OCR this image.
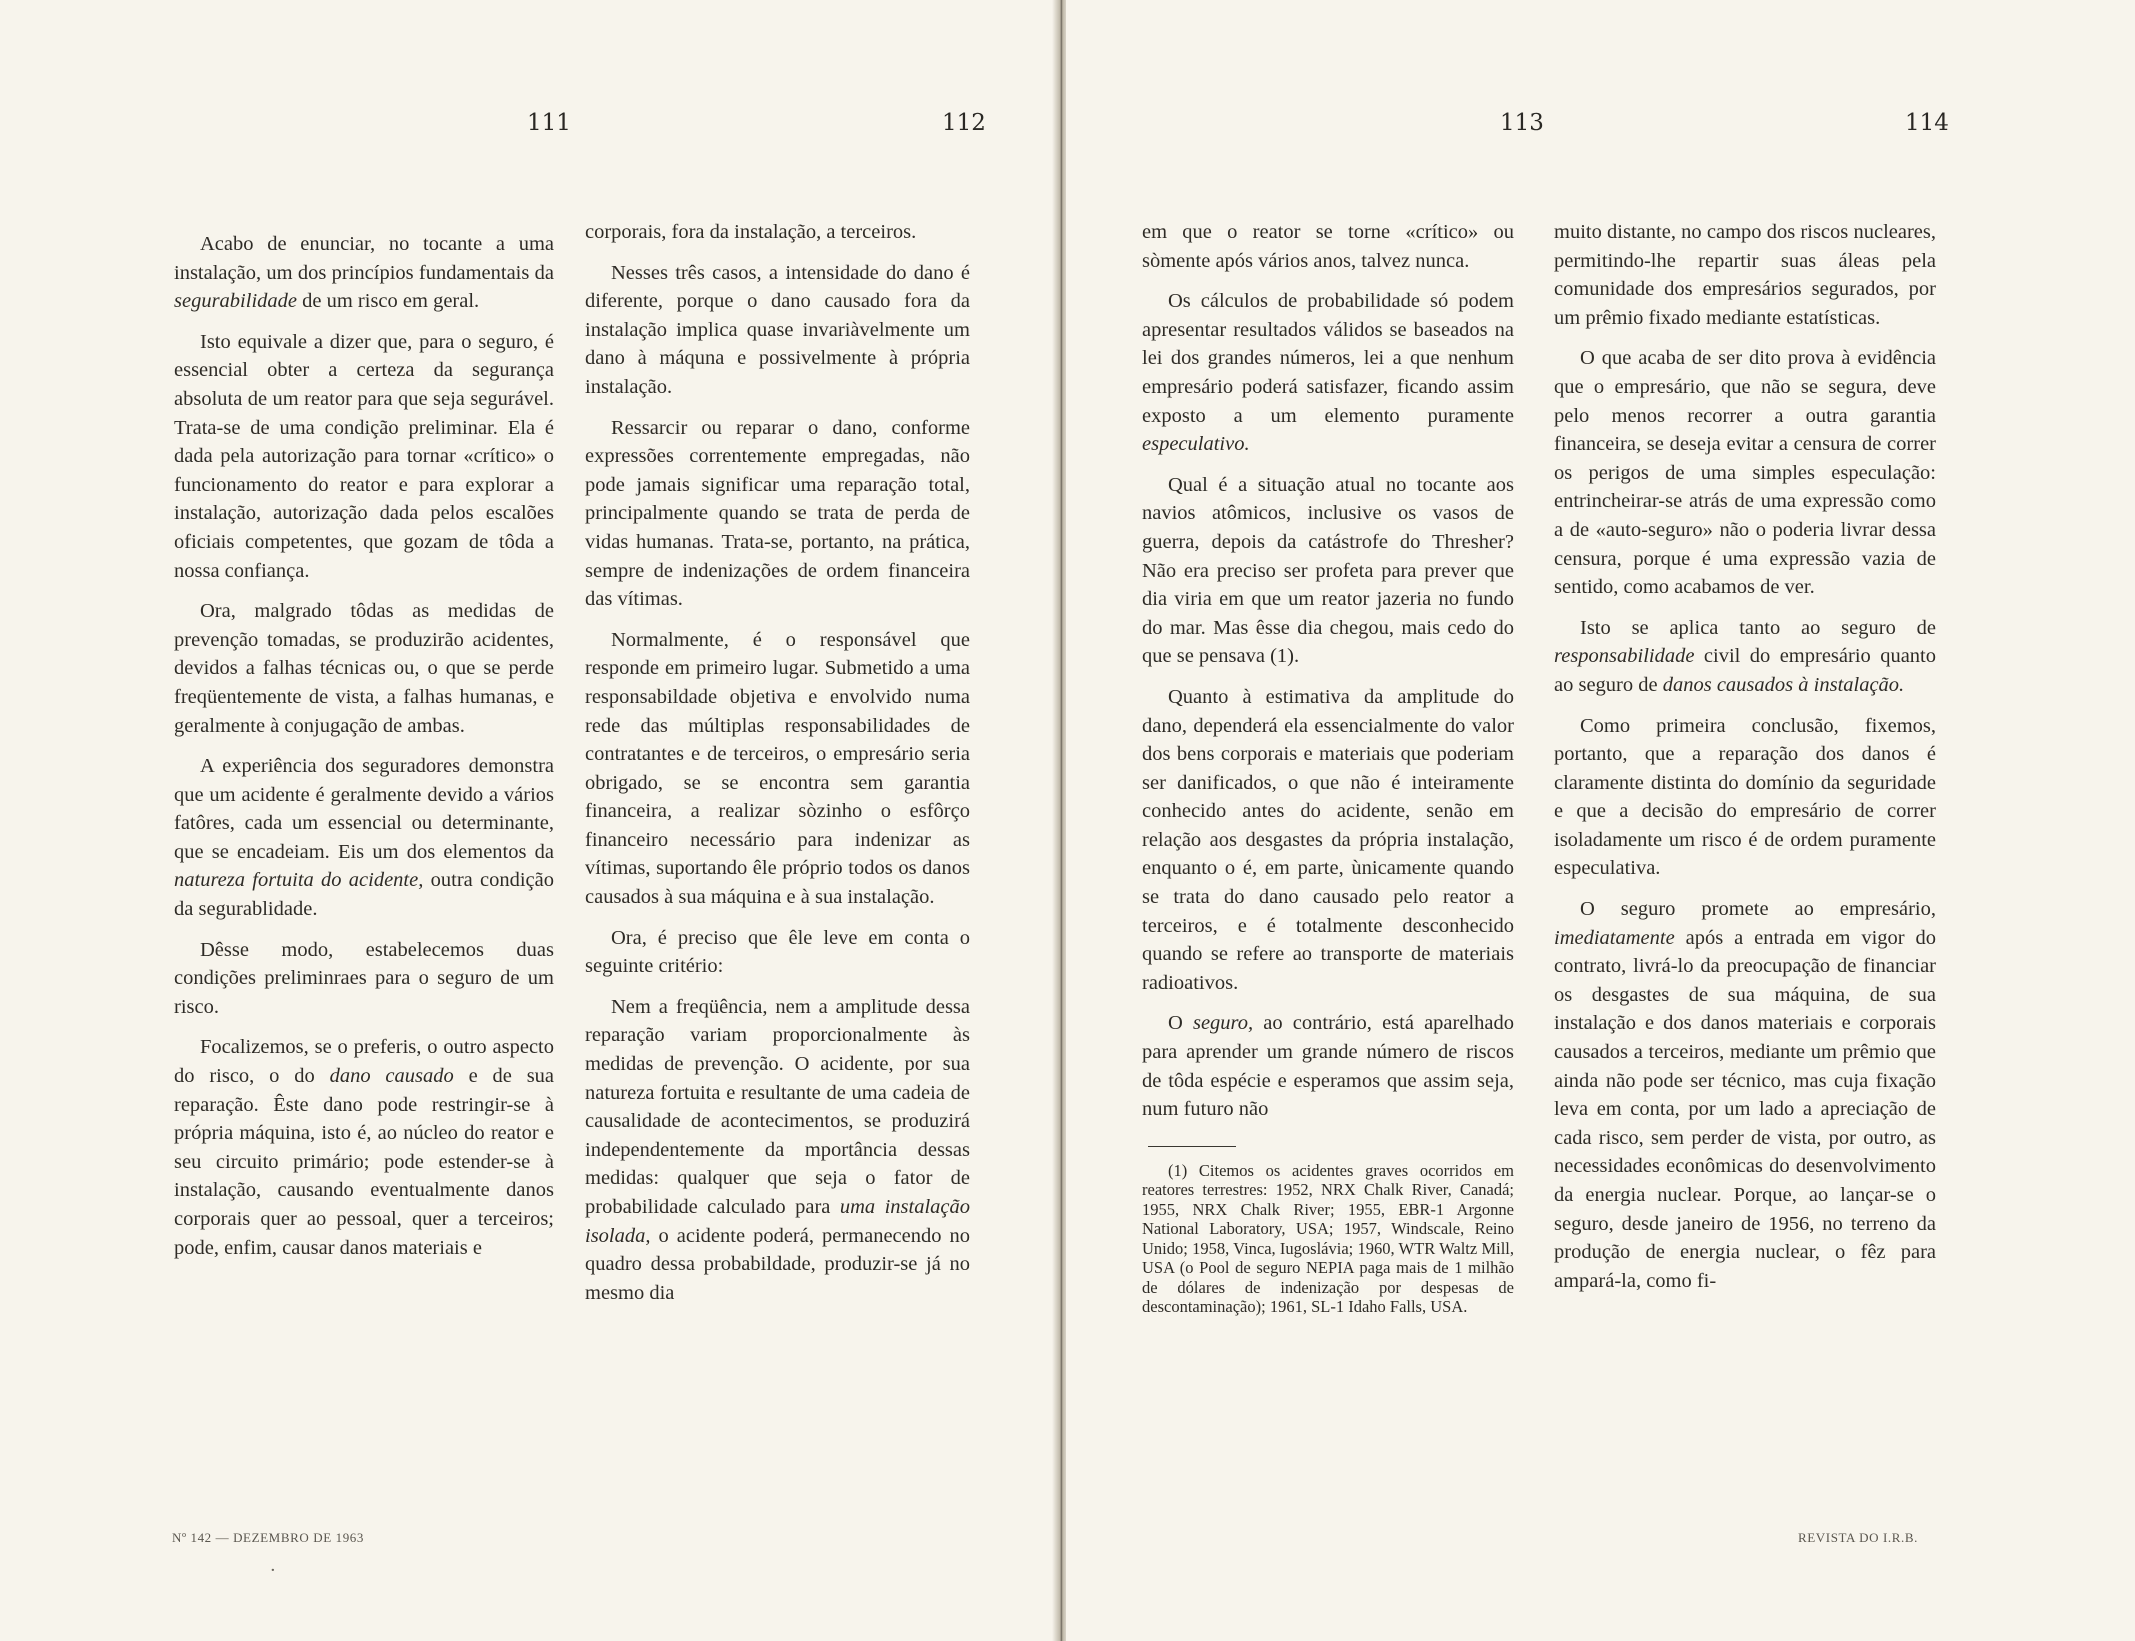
111	112

Acabo de enunciar, no tocante a uma instalação, um dos princípios fundamentais da segurabilidade de um risco em geral.

Isto equivale a dizer que, para o seguro, é essencial obter a certeza da segurança absoluta de um reator para que seja segurável. Trata-se de uma condição preliminar. Ela é dada pela autorização para tornar «crítico» o funcionamento do reator e para explorar a instalação, autorização dada pelos escalões oficiais competentes, que gozam de tôda a nossa confiança.

Ora, malgrado tôdas as medidas de prevenção tomadas, se produzirão acidentes, devidos a falhas técnicas ou, o que se perde freqüentemente de vista, a falhas humanas, e geralmente à conjugação de ambas.

A experiência dos seguradores demonstra que um acidente é geralmente devido a vários fatôres, cada um essencial ou determinante, que se encadeiam. Eis um dos elementos da natureza fortuita do acidente, outra condição da segurablidade.

Dêsse modo, estabelecemos duas condições preliminraes para o seguro de um risco.

Focalizemos, se o preferis, o outro aspecto do risco, o do dano causado e de sua reparação. Êste dano pode restringir-se à própria máquina, isto é, ao núcleo do reator e seu circuito primário; pode estender-se à instalação, causando eventualmente danos corporais quer ao pessoal, quer a terceiros; pode, enfim, causar danos materiais e

corporais, fora da instalação, a terceiros.

Nesses três casos, a intensidade do dano é diferente, porque o dano causado fora da instalação implica quase invariàvelmente um dano à máquna e possivelmente à própria instalação.

Ressarcir ou reparar o dano, conforme expressões correntemente empregadas, não pode jamais significar uma reparação total, principalmente quando se trata de perda de vidas humanas. Trata-se, portanto, na prática, sempre de indenizações de ordem financeira das vítimas.

Normalmente, é o responsável que responde em primeiro lugar. Submetido a uma responsabildade objetiva e envolvido numa rede das múltiplas responsabilidades de contratantes e de terceiros, o empresário seria obrigado, se se encontra sem garantia financeira, a realizar sòzinho o esfôrço financeiro necessário para indenizar as vítimas, suportando êle próprio todos os danos causados à sua máquina e à sua instalação.

Ora, é preciso que êle leve em conta o seguinte critério:

Nem a freqüência, nem a amplitude dessa reparação variam proporcionalmente às medidas de prevenção. O acidente, por sua natureza fortuita e resultante de uma cadeia de causalidade de acontecimentos, se produzirá independentemente da mportância dessas medidas: qualquer que seja o fator de probabilidade calculado para uma instalação isolada, o acidente poderá, permanecendo no quadro dessa probabildade, produzir-se já no mesmo dia

Nº 142 — DEZEMBRO DE 1963
·
113	114

em que o reator se torne «crítico» ou sòmente após vários anos, talvez nunca.

Os cálculos de probabilidade só podem apresentar resultados válidos se baseados na lei dos grandes números, lei a que nenhum empresário poderá satisfazer, ficando assim exposto a um elemento puramente especulativo.

Qual é a situação atual no tocante aos navios atômicos, inclusive os vasos de guerra, depois da catástrofe do Thresher? Não era preciso ser profeta para prever que dia viria em que um reator jazeria no fundo do mar. Mas êsse dia chegou, mais cedo do que se pensava (1).

Quanto à estimativa da amplitude do dano, dependerá ela essencialmente do valor dos bens corporais e materiais que poderiam ser danificados, o que não é inteiramente conhecido antes do acidente, senão em relação aos desgastes da própria instalação, enquanto o é, em parte, ùnicamente quando se trata do dano causado pelo reator a terceiros, e é totalmente desconhecido quando se refere ao transporte de materiais radioativos.

O seguro, ao contrário, está aparelhado para aprender um grande número de riscos de tôda espécie e esperamos que assim seja, num futuro não

(1) Citemos os acidentes graves ocorridos em reatores terrestres: 1952, NRX Chalk River, Canadá; 1955, NRX Chalk River; 1955, EBR-1 Argonne National Laboratory, USA; 1957, Windscale, Reino Unido; 1958, Vinca, Iugoslávia; 1960, WTR Waltz Mill, USA (o Pool de seguro NEPIA paga mais de 1 milhão de dólares de indenização por despesas de descontaminação); 1961, SL-1 Idaho Falls, USA.

muito distante, no campo dos riscos nucleares, permitindo-lhe repartir suas áleas pela comunidade dos empresários segurados, por um prêmio fixado mediante estatísticas.

O que acaba de ser dito prova à evidência que o empresário, que não se segura, deve pelo menos recorrer a outra garantia financeira, se deseja evitar a censura de correr os perigos de uma simples especulação: entrincheirar-se atrás de uma expressão como a de «auto-seguro» não o poderia livrar dessa censura, porque é uma expressão vazia de sentido, como acabamos de ver.

Isto se aplica tanto ao seguro de responsabilidade civil do empresário quanto ao seguro de danos causados à instalação.

Como primeira conclusão, fixemos, portanto, que a reparação dos danos é claramente distinta do domínio da seguridade e que a decisão do empresário de correr isoladamente um risco é de ordem puramente especulativa.

O seguro promete ao empresário, imediatamente após a entrada em vigor do contrato, livrá-lo da preocupação de financiar os desgastes de sua máquina, de sua instalação e dos danos materiais e corporais causados a terceiros, mediante um prêmio que ainda não pode ser técnico, mas cuja fixação leva em conta, por um lado a apreciação de cada risco, sem perder de vista, por outro, as necessidades econômicas do desenvolvimento da energia nuclear. Porque, ao lançar-se o seguro, desde janeiro de 1956, no terreno da produção de energia nuclear, o fêz para ampará-la, como fi-

REVISTA DO I.R.B.
